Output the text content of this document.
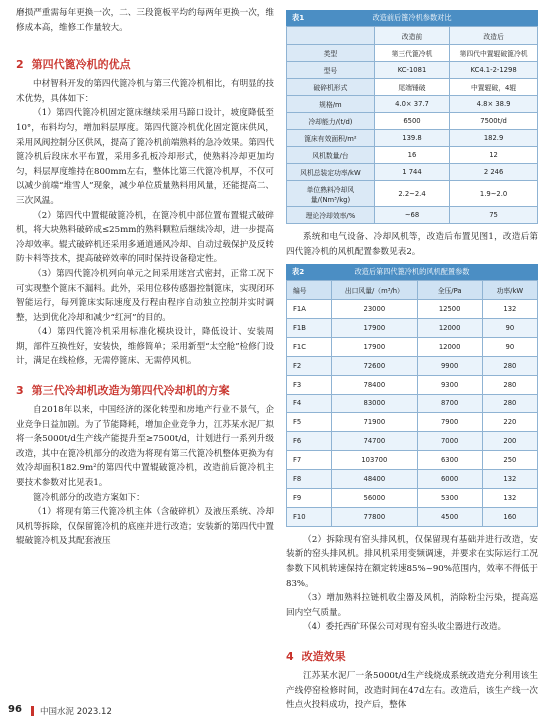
磨损严重需每年更换一次，二、三段篦板平均约每两年更换一次，维修成本高，维修工作量较大。

2 第四代篦冷机的优点

中材智科开发的第四代篦冷机与第三代篦冷机相比，有明显的技术优势，具体如下：

（1）第四代篦冷机固定篦床继续采用马蹄口设计，坡度降低至10°，布料均匀，增加料层厚度。第四代篦冷机优化固定篦床供风，采用风阀控制分区供风，提高了篦冷机前端熟料的急冷效果。第四代篦冷机后段床水平布置，采用多孔板冷却形式，使熟料冷却更加均匀，料层厚度维持在800mm左右，整体比第三代篦冷机厚，不仅可以减少前端“堆雪人”现象，减少单位质量熟料用风量，还能提高二、三次风温。

（2）第四代中置辊破篦冷机，在篦冷机中部位置布置辊式破碎机，将大块熟料破碎成≤25mm的熟料颗粒后继续冷却，进一步提高冷却效率。辊式破碎机还采用多通道通风冷却、自动过载保护及反转防卡料等技术，提高破碎效率的同时保持设备稳定性。

（3）第四代篦冷机列向单元之间采用迷宫式密封，正常工况下可实现整个篦床不漏料。此外，采用位移传感器控制篦床，实现闭环智能运行，每列篦床实际速度及行程由程序自动独立控制并实时调整，达到优化冷却和减少“红河”的目的。

（4）第四代篦冷机采用标准化模块设计，降低设计、安装周期，部件互换性好，安装快，维修简单；采用新型“太空舱”检修门设计，满足在线检修，无需停篦床、无需停风机。

3 第三代冷却机改造为第四代冷却机的方案

自2018年以来，中国经济的深化转型和房地产行业不景气，企业竞争日益加剧。为了节能降耗，增加企业竞争力，江苏某水泥厂拟将一条5000t/d生产线产能提升至≥7500t/d，计划进行一系列升级改造，其中在篦冷机部分的改造为将现有第三代篦冷机整体更换为有效冷却面积182.9m²的第四代中置辊破篦冷机，改造前后篦冷机主要技术参数对比见表1。

篦冷机部分的改造方案如下：

（1）将现有第三代篦冷机主体（含破碎机）及液压系统、冷却风机等拆除，仅保留篦冷机的底座并进行改造；安装新的第四代中置辊破篦冷机及其配套液压

表1	改造前后篦冷机参数对比
	改造前	改造后
类型	第三代篦冷机	第四代中置辊破篦冷机
型号	KC-1081	KC4.1-2-1298
破碎机形式	尾端锤破	中置辊破，4辊
规格/m	4.0× 37.7	4.8× 38.9
冷却能力/(t/d)	6500	7500t/d
篦床有效面积/m²	139.8	182.9
风机数量/台	16	12
风机总装定功率/kW	1 744	2 246
单位熟料冷却风量/(Nm³/kg)	2.2~2.4	1.9~2.0
理论冷却效率/%	~68	75

系统和电气设备、冷却风机等，改造后布置见图1，改造后第四代篦冷机的风机配置参数见表2。

表2	改造后第四代篦冷机的风机配置参数
编号	出口风量/（m³/h）	全压/Pa	功率/kW
F1A	23000	12500	132
F1B	17900	12000	90
F1C	17900	12000	90
F2	72600	9900	280
F3	78400	9300	280
F4	83000	8700	280
F5	71900	7900	220
F6	74700	7000	200
F7	103700	6300	250
F8	48400	6000	132
F9	56000	5300	132
F10	77800	4500	160

（2）拆除现有窑头排风机，仅保留现有基础并进行改造，安装新的窑头排风机。排风机采用变频调速，并要求在实际运行工况参数下风机转速保持在额定转速85%~90%范围内，效率不得低于83%。

（3）增加熟料拉链机收尘器及风机，消除粉尘污染，提高巡回内空气质量。

（4）委托西矿环保公司对现有窑头收尘器进行改造。

4 改造效果

江苏某水泥厂一条5000t/d生产线烧成系统改造充分利用该生产线停窑检修时间，改造时间在47d左右。改造后，该生产线一次性点火投料成功，投产后，整体

96 中国水泥 2023.12
